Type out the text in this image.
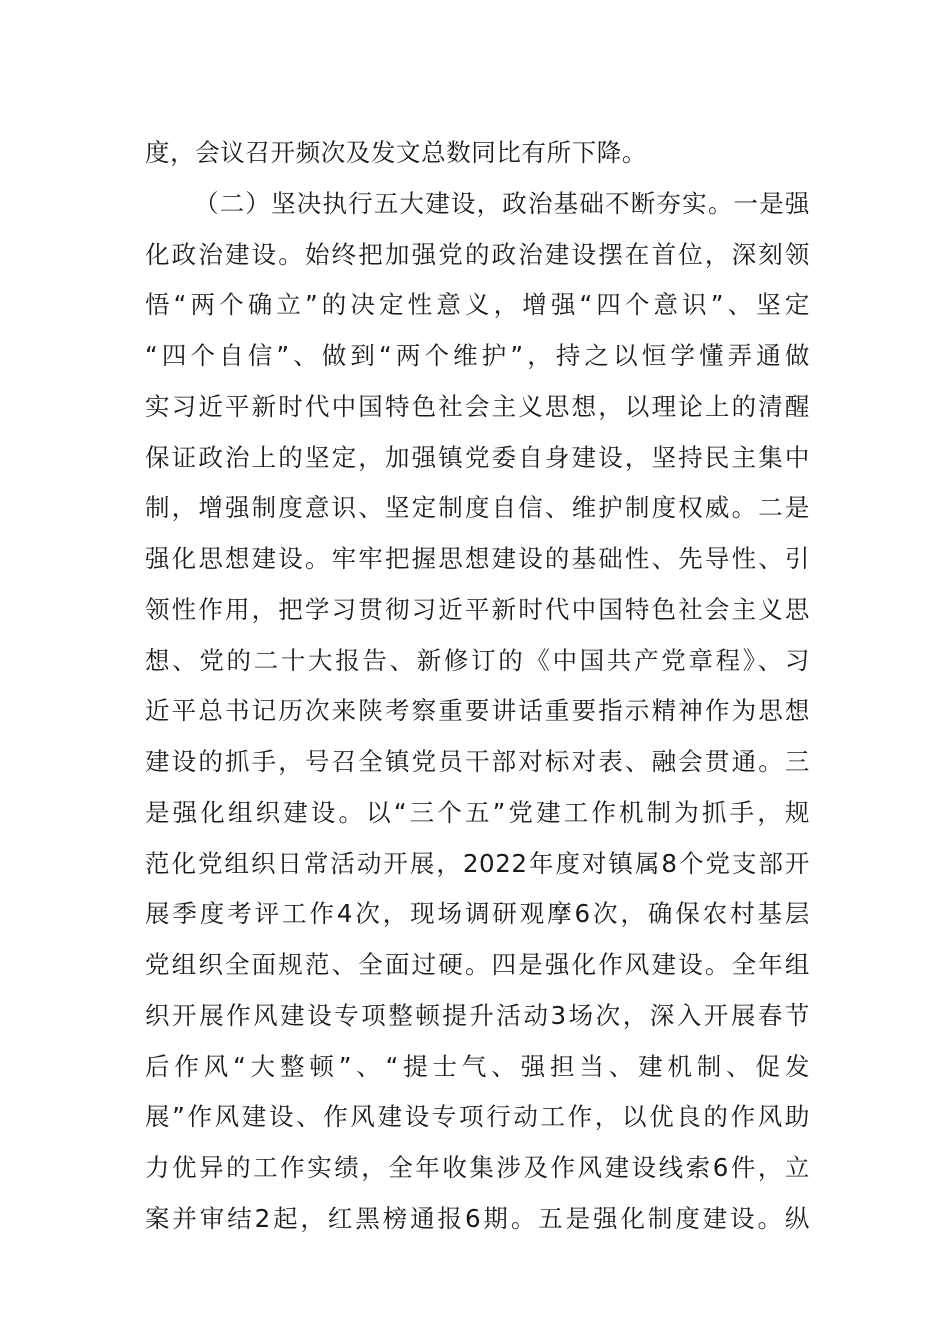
度，会议召开频次及发文总数同比有所下降。
（二）坚决执行五大建设，政治基础不断夯实。一是强
化政治建设。始终把加强党的政治建设摆在首位，深刻领
悟“两个确立”的决定性意义，增强“四个意识”、坚定
“四个自信”、做到“两个维护”，持之以恒学懂弄通做
实习近平新时代中国特色社会主义思想，以理论上的清醒
保证政治上的坚定，加强镇党委自身建设，坚持民主集中
制，增强制度意识、坚定制度自信、维护制度权威。二是
强化思想建设。牢牢把握思想建设的基础性、先导性、引
领性作用，把学习贯彻习近平新时代中国特色社会主义思
想、党的二十大报告、新修订的《中国共产党章程》、习
近平总书记历次来陕考察重要讲话重要指示精神作为思想
建设的抓手，号召全镇党员干部对标对表、融会贯通。三
是强化组织建设。以“三个五”党建工作机制为抓手，规
范化党组织日常活动开展，2022年度对镇属8个党支部开
展季度考评工作4次，现场调研观摩6次，确保农村基层
党组织全面规范、全面过硬。四是强化作风建设。全年组
织开展作风建设专项整顿提升活动3场次，深入开展春节
后作风“大整顿”、“提士气、强担当、建机制、促发
展”作风建设、作风建设专项行动工作，以优良的作风助
力优异的工作实绩，全年收集涉及作风建设线索6件，立
案并审结2起，红黑榜通报6期。五是强化制度建设。纵
